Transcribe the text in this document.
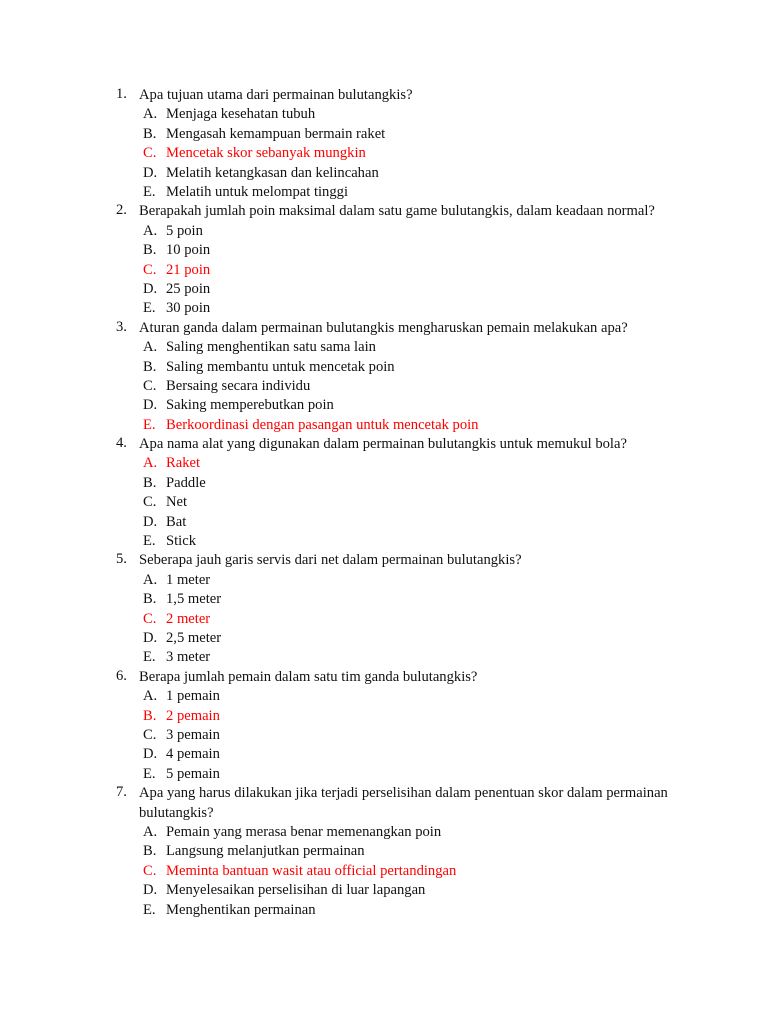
1. Apa tujuan utama dari permainan bulutangkis?
A. Menjaga kesehatan tubuh
B. Mengasah kemampuan bermain raket
C. Mencetak skor sebanyak mungkin
D. Melatih ketangkasan dan kelincahan
E. Melatih untuk melompat tinggi
2. Berapakah jumlah poin maksimal dalam satu game bulutangkis, dalam keadaan normal?
A. 5 poin
B. 10 poin
C. 21 poin
D. 25 poin
E. 30 poin
3. Aturan ganda dalam permainan bulutangkis mengharuskan pemain melakukan apa?
A. Saling menghentikan satu sama lain
B. Saling membantu untuk mencetak poin
C. Bersaing secara individu
D. Saking memperebutkan poin
E. Berkoordinasi dengan pasangan untuk mencetak poin
4. Apa nama alat yang digunakan dalam permainan bulutangkis untuk memukul bola?
A. Raket
B. Paddle
C. Net
D. Bat
E. Stick
5. Seberapa jauh garis servis dari net dalam permainan bulutangkis?
A. 1 meter
B. 1,5 meter
C. 2 meter
D. 2,5 meter
E. 3 meter
6. Berapa jumlah pemain dalam satu tim ganda bulutangkis?
A. 1 pemain
B. 2 pemain
C. 3 pemain
D. 4 pemain
E. 5 pemain
7. Apa yang harus dilakukan jika terjadi perselisihan dalam penentuan skor dalam permainan bulutangkis?
A. Pemain yang merasa benar memenangkan poin
B. Langsung melanjutkan permainan
C. Meminta bantuan wasit atau official pertandingan
D. Menyelesaikan perselisihan di luar lapangan
E. Menghentikan permainan
